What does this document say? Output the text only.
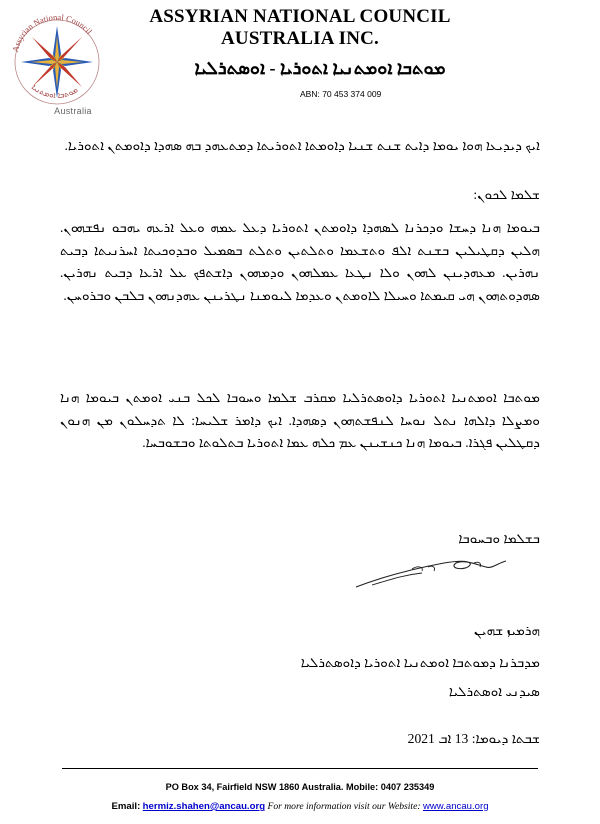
Assyrian National Council
ܡܘܬܒܐ ܐܘܡܬܢܝܐ
Australia
ASSYRIAN NATIONAL COUNCIL
AUSTRALIA INC.
ܡܘܬܒܐ ܐܘܡܬܢܝܐ ܐܬܘܪܝܐ - ܐܘܣܬܪܠܝܐ
ABN: 70 453 374 009
ܐܝܟ ܕܝܕܝܥܐ ܗܘܐ ܝܘܡܐ ܕܐܝܬ ܫܢܬ ܫܢܝܐ ܕܐܘܡܬܐ ܐܬܘܪܝܬܐ ܕܡܬܥܗܕ ܒܗ ܣܗܕܐ ܕܐܘܡܬܢ ܐܬܘܪܝܐ.
ܫܠܡܐ ܠܟܘܢ:
ܒܝܘܡܐ ܗܢܐ ܕܚܫܐ ܘܕܟܪܢܐ ܠܣܗܕܐ ܕܐܘܡܬܢ ܐܬܘܪܝܐ ܕܥܠ ܥܡܗ ܘܥܠ ܐܪܥܗ ܝܗܒܘ ܢܦܫܗܘܢ. ܗܠܝܢ ܕܩܛܝܠܝܢ ܒܫܢܬ ܐܠܦ ܘܬܫܥܡܐ ܘܬܠܬܝܢ ܘܬܠܬ ܒܣܡܝܠ ܘܒܕܘܟܝܬܐ ܐܚܪܢܝܬܐ ܕܒܝܬ ܢܗܪܝܢ. ܡܥܗܕܝܢܢ ܠܗܘܢ ܘܠܐ ܢܛܥܐ ܥܡܠܗܘܢ ܘܕܡܗܘܢ ܕܐܫܬܦܟ ܥܠ ܐܪܥܐ ܕܒܝܬ ܢܗܪܝܢ. ܣܗܕܘܬܗܘܢ ܗܝ ܩܝܡܬܐ ܘܚܝܠܐ ܠܐܘܡܬܢ ܘܥܕܡܐ ܠܝܘܡܢܐ ܢܛܪܝܢܢ ܥܗܕܢܗܘܢ ܒܠܒܢ ܘܒܪܘܚܢ.
ܡܘܬܒܐ ܐܘܡܬܢܝܐ ܐܬܘܪܝܐ ܕܐܘܣܬܪܠܝܐ ܡܩܪܒ ܫܠܡܐ ܘܚܘܒܐ ܠܟܠ ܒܢܝ ܐܘܡܬܢ ܒܝܘܡܐ ܗܢܐ ܘܡܨܠܐ ܕܐܠܗܐ ܢܬܠ ܢܘܚܐ ܠܢܦܫܬܗܘܢ ܕܣܗܕܐ. ܐܝܟ ܕܐܡܪ ܫܠܝܚܐ: ܠܐ ܬܕܚܠܘܢ ܡܢ ܗܢܘܢ ܕܩܛܠܝܢ ܦܓܪܐ. ܒܝܘܡܐ ܗܢܐ ܟܢܫܝܢܢ ܥܡ ܟܠܗ ܥܡܐ ܐܬܘܪܝܐ ܒܬܠܘܬܐ ܘܒܫܘܒܚܐ.
ܒܫܠܡܐ ܘܒܚܘܒܐ
ܗܪܡܝܙ ܫܗܝܢ
ܡܕܒܪܢܐ ܕܡܘܬܒܐ ܐܘܡܬܢܝܐ ܐܬܘܪܝܐ ܕܐܘܣܬܪܠܝܐ
ܣܝܕܢܝ ܐܘܣܬܪܠܝܐ
ܫܒܬܐ ܕܝܘܡܐ: 13 ܐܒ 2021
PO Box 34, Fairfield NSW 1860 Australia. Mobile: 0407 235349
Email: hermiz.shahen@ancau.org For more information visit our Website: www.ancau.org
